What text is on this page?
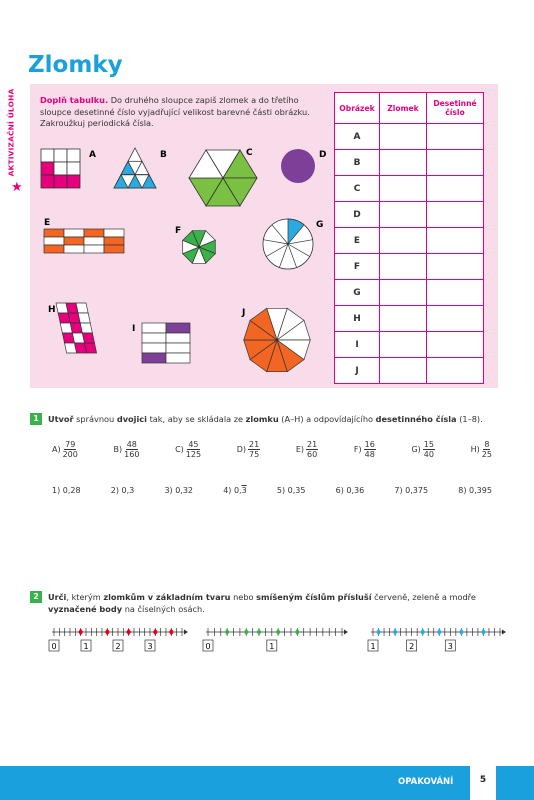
Zlomky
AKTIVIZAČNÍ ÚLOHA
★
Doplň tabulku. Do druhého sloupce zapiš zlomek a do třetího sloupce desetinné číslo vyjadřující velikost barevné části obrázku. Zakroužkuj periodická čísla.
A	B	C	D
E
F
G
H
I
J
Obrázek	Zlomek	Desetinné číslo
A		
B		
C		
D		
E		
F		
G		
H		
I		
J		
1	Utvoř správnou dvojici tak, aby se skládala ze zlomku (A–H) a odpovídajícího desetinného čísla (1–8).
$A) \frac{79}{200}$	$B) \frac{48}{160}$	$C) \frac{45}{125}$	$D) \frac{21}{75}$	$E) \frac{21}{60}$	$F) \frac{16}{48}$	$G) \frac{15}{40}$	$H) \frac{8}{25}$
1) 0,28	2) 0,3	3) 0,32	4) 0,3	5) 0,35	6) 0,36	7) 0,375	8) 0,395
2	Urči, kterým zlomkům v základním tvaru nebo smíšeným číslům přísluší červeně, zeleně a modře vyznačené body na číselných osách.
0	1	2	3	0	1	1	2	3
OPAKOVÁNÍ	5
